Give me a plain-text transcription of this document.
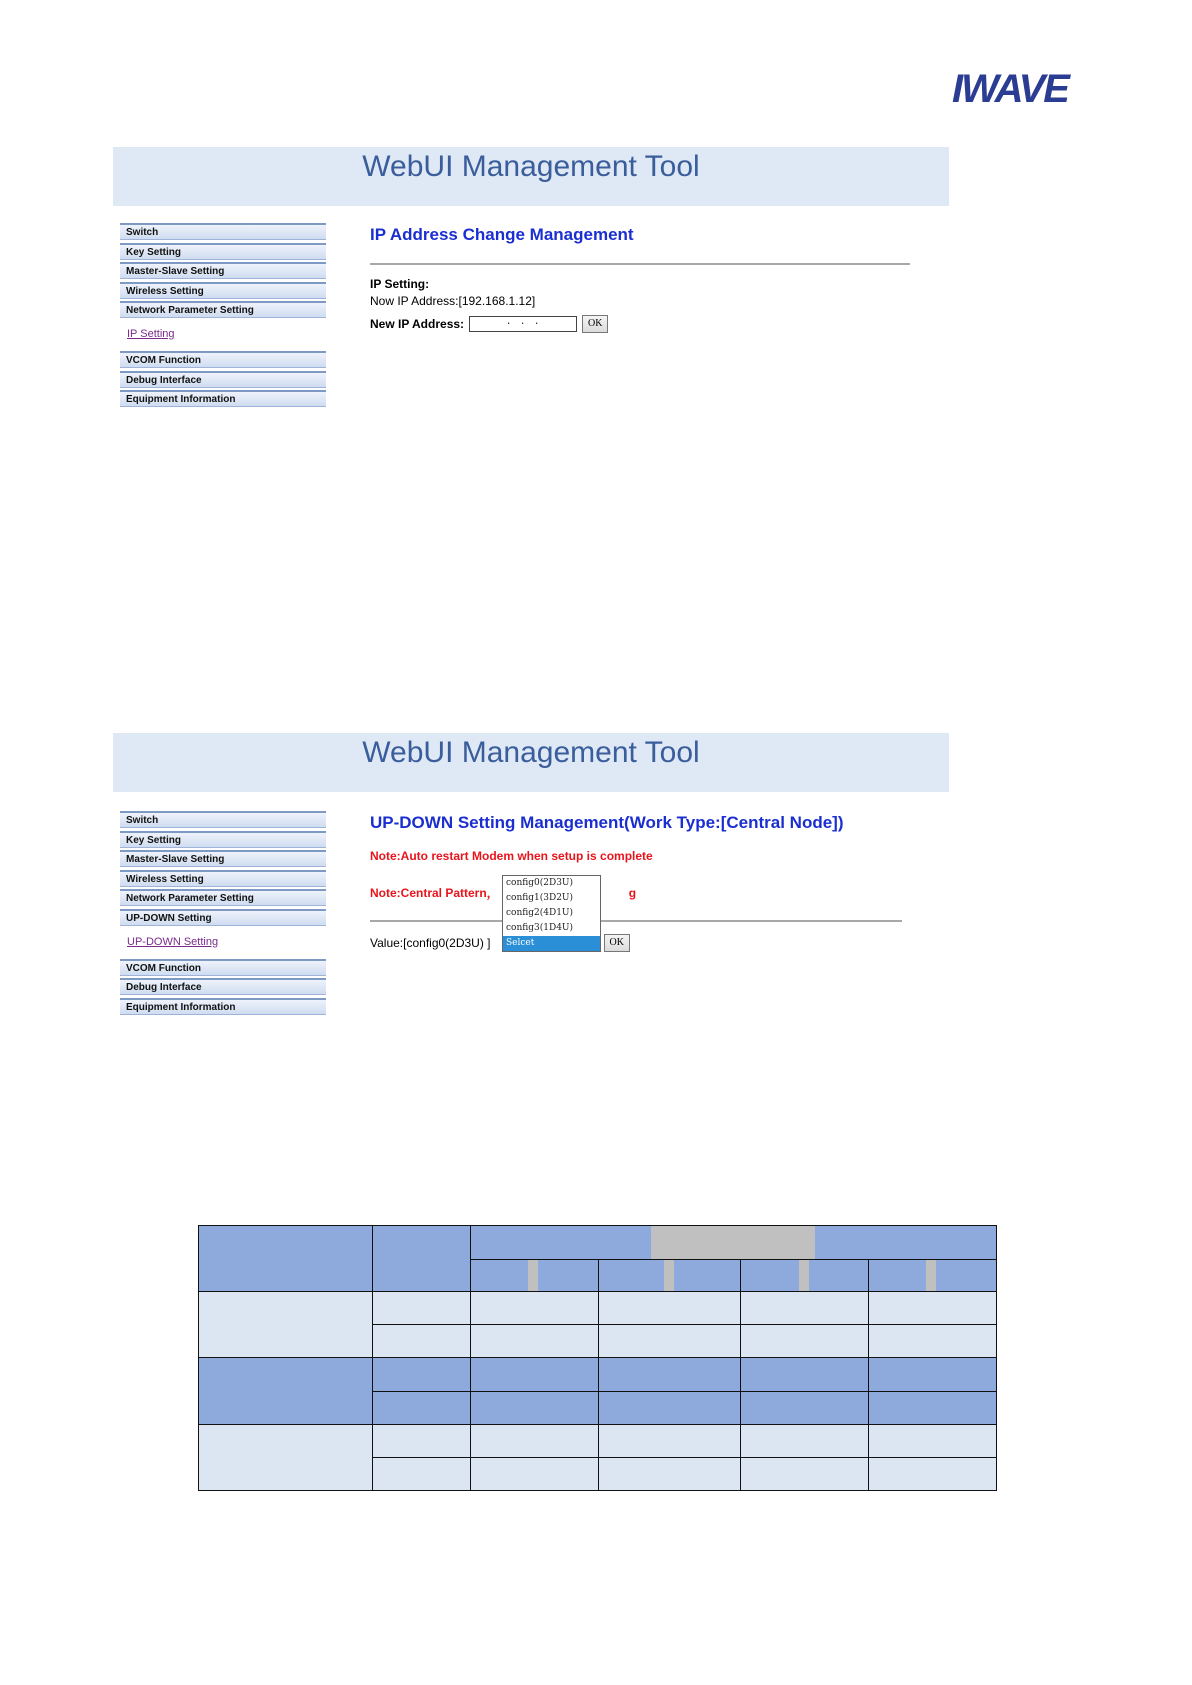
IWAVE
WebUI Management Tool
Switch
Key Setting
Master-Slave Setting
Wireless Setting
Network Parameter Setting
IP Setting
VCOM Function
Debug Interface
Equipment Information
IP Address Change Management
IP Setting:
Now IP Address:[192.168.1.12]
New IP Address:	. . .	OK
WebUI Management Tool
Switch
Key Setting
Master-Slave Setting
Wireless Setting
Network Parameter Setting
UP-DOWN Setting
UP-DOWN Setting
VCOM Function
Debug Interface
Equipment Information
UP-DOWN Setting Management(Work Type:[Central Node])
Note:Auto restart Modem when setup is complete
Note:Central Pattern，	g
Value:[config0(2D3U) ]	OK
config0(2D3U)
config1(3D2U)
config2(4D1U)
config3(1D4U)
Selcet
